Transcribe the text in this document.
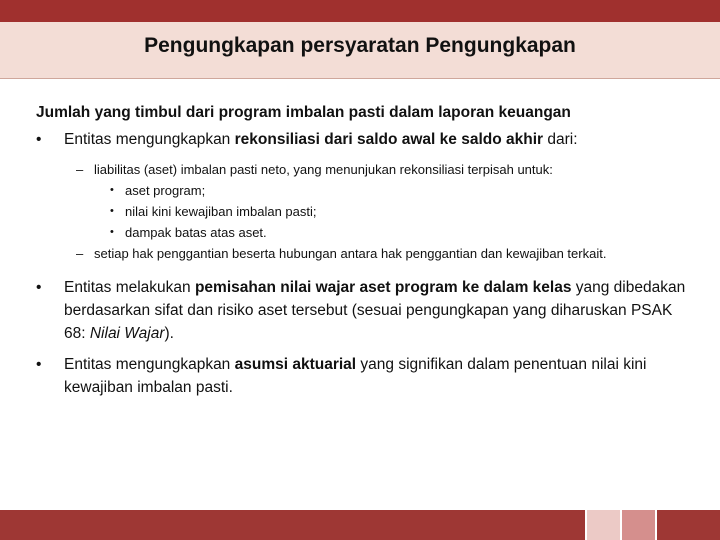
Pengungkapan persyaratan Pengungkapan

Jumlah yang timbul dari program imbalan pasti dalam laporan keuangan

• Entitas mengungkapkan rekonsiliasi dari saldo awal ke saldo akhir dari:
– liabilitas (aset) imbalan pasti neto, yang menunjukan rekonsiliasi terpisah untuk:
• aset program;
• nilai kini kewajiban imbalan pasti;
• dampak batas atas aset.
– setiap hak penggantian beserta hubungan antara hak penggantian dan kewajiban terkait.
• Entitas melakukan pemisahan nilai wajar aset program ke dalam kelas yang dibedakan berdasarkan sifat dan risiko aset tersebut (sesuai pengungkapan yang diharuskan PSAK 68: Nilai Wajar).
• Entitas mengungkapkan asumsi aktuarial yang signifikan dalam penentuan nilai kini kewajiban imbalan pasti.
